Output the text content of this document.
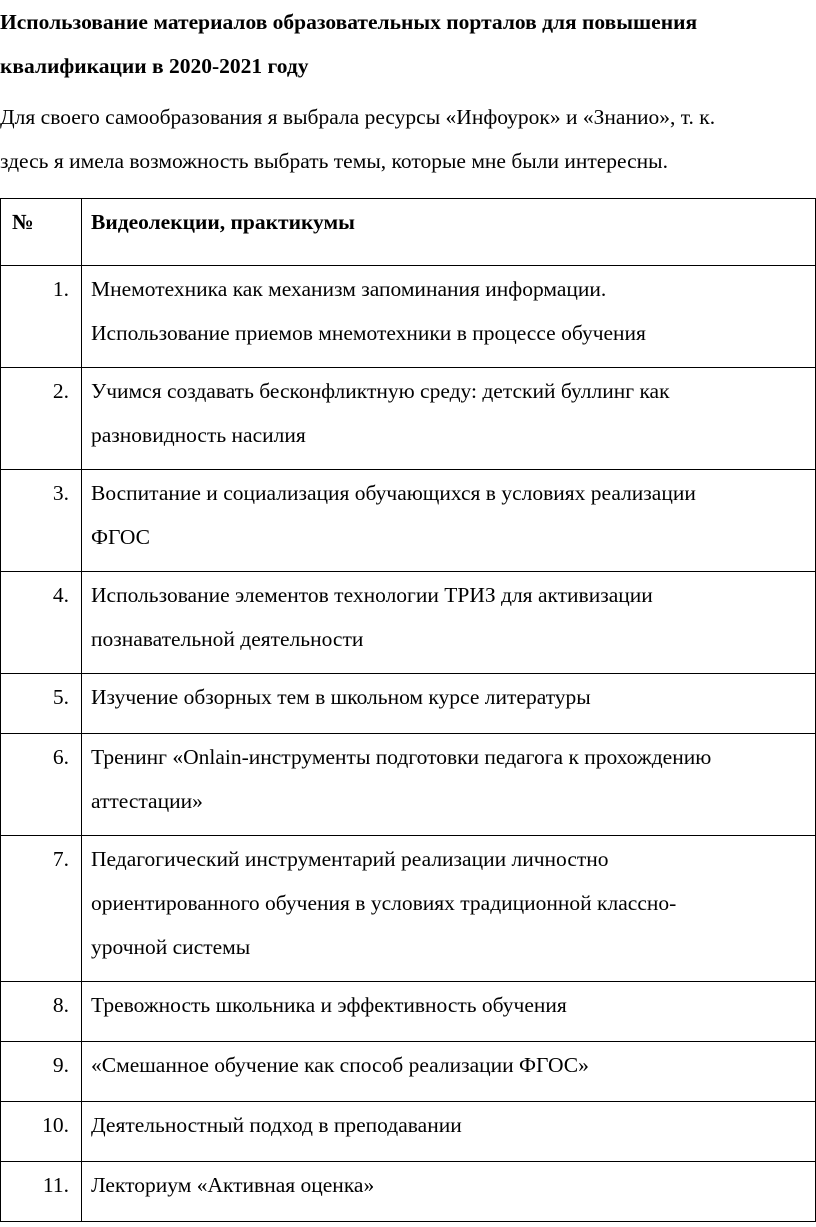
Использование материалов образовательных порталов для повышения
квалификации в 2020-2021 году
Для своего самообразования я выбрала ресурсы «Инфоурок» и «Знанио», т. к.
здесь я имела возможность выбрать темы, которые мне были интересны.
№	Видеолекции, практикумы

1.	Мнемотехника как механизм запоминания информации.
Использование приемов мнемотехники в процессе обучения

2.	Учимся создавать бесконфликтную среду: детский буллинг как
разновидность насилия

3.	Воспитание и социализация обучающихся в условиях реализации
ФГОС

4.	Использование элементов технологии ТРИЗ для активизации
познавательной деятельности

5.	Изучение обзорных тем в школьном курсе литературы

6.	Тренинг «Onlain-инструменты подготовки педагога к прохождению
аттестации»

7.	Педагогический инструментарий реализации личностно
ориентированного обучения в условиях традиционной классно-
урочной системы

8.	Тревожность школьника и эффективность обучения

9.	«Смешанное обучение как способ реализации ФГОС»

10.	Деятельностный подход в преподавании

11.	Лекториум «Активная оценка»
